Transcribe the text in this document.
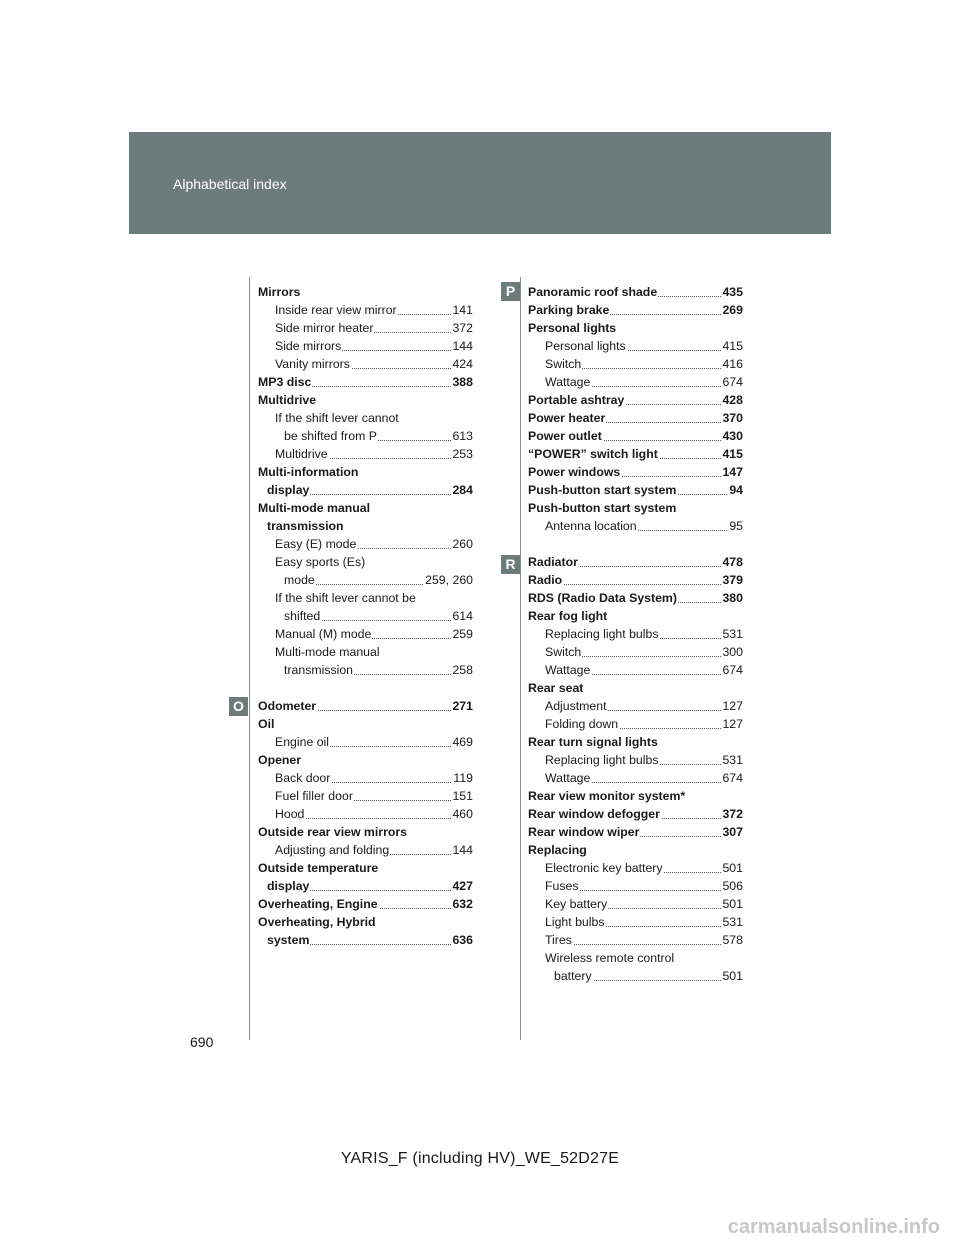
Alphabetical index
O
P
R
Mirrors
Inside rear view mirror	141
Side mirror heater	372
Side mirrors	144
Vanity mirrors	424
MP3 disc	388
Multidrive
If the shift lever cannot
be shifted from P	613
Multidrive	253
Multi-information
display	284
Multi-mode manual
transmission
Easy (E) mode	260
Easy sports (Es)
mode	259, 260
If the shift lever cannot be
shifted	614
Manual (M) mode	259
Multi-mode manual
transmission	258
Odometer	271
Oil
Engine oil	469
Opener
Back door	119
Fuel filler door	151
Hood	460
Outside rear view mirrors
Adjusting and folding	144
Outside temperature
display	427
Overheating, Engine	632
Overheating, Hybrid
system	636
Panoramic roof shade	435
Parking brake	269
Personal lights
Personal lights	415
Switch	416
Wattage	674
Portable ashtray	428
Power heater	370
Power outlet	430
“POWER” switch light	415
Power windows	147
Push-button start system	94
Push-button start system
Antenna location	95
Radiator	478
Radio	379
RDS (Radio Data System)	380
Rear fog light
Replacing light bulbs	531
Switch	300
Wattage	674
Rear seat
Adjustment	127
Folding down	127
Rear turn signal lights
Replacing light bulbs	531
Wattage	674
Rear view monitor system*
Rear window defogger	372
Rear window wiper	307
Replacing
Electronic key battery	501
Fuses	506
Key battery	501
Light bulbs	531
Tires	578
Wireless remote control
battery	501
690
YARIS_F (including HV)_WE_52D27E
carmanualsonline.info
